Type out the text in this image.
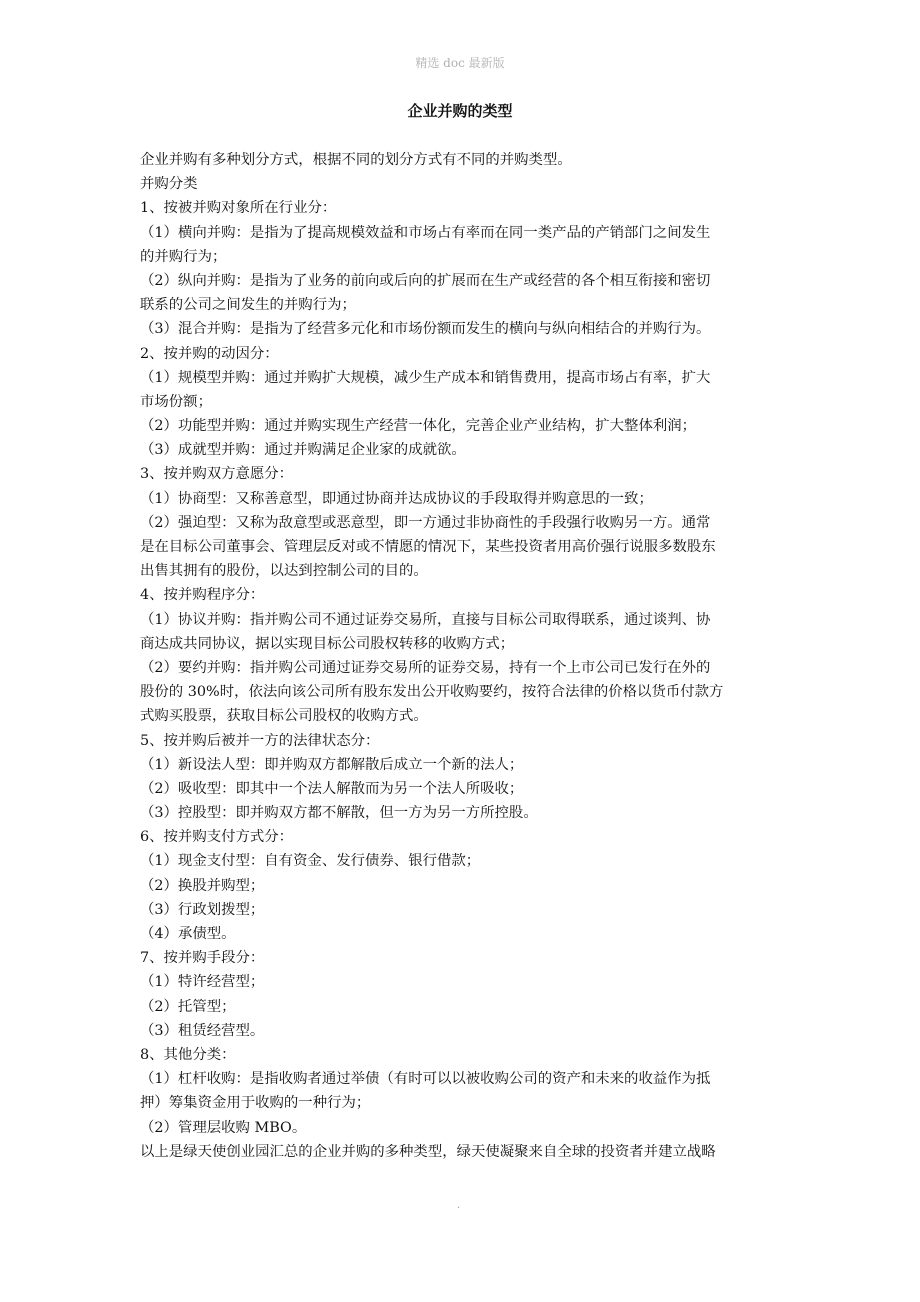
精选 doc 最新版
企业并购的类型
企业并购有多种划分方式，根据不同的划分方式有不同的并购类型。
并购分类
1、按被并购对象所在行业分：
（1）横向并购：是指为了提高规模效益和市场占有率而在同一类产品的产销部门之间发生
的并购行为；
（2）纵向并购：是指为了业务的前向或后向的扩展而在生产或经营的各个相互衔接和密切
联系的公司之间发生的并购行为；
（3）混合并购：是指为了经营多元化和市场份额而发生的横向与纵向相结合的并购行为。
2、按并购的动因分：
（1）规模型并购：通过并购扩大规模，减少生产成本和销售费用，提高市场占有率，扩大
市场份额；
（2）功能型并购：通过并购实现生产经营一体化，完善企业产业结构，扩大整体利润；
（3）成就型并购：通过并购满足企业家的成就欲。
3、按并购双方意愿分：
（1）协商型：又称善意型，即通过协商并达成协议的手段取得并购意思的一致；
（2）强迫型：又称为敌意型或恶意型，即一方通过非协商性的手段强行收购另一方。通常
是在目标公司董事会、管理层反对或不情愿的情况下，某些投资者用高价强行说服多数股东
出售其拥有的股份，以达到控制公司的目的。
4、按并购程序分：
（1）协议并购：指并购公司不通过证券交易所，直接与目标公司取得联系，通过谈判、协
商达成共同协议，据以实现目标公司股权转移的收购方式；
（2）要约并购：指并购公司通过证券交易所的证券交易，持有一个上市公司已发行在外的
股份的 30%时，依法向该公司所有股东发出公开收购要约，按符合法律的价格以货币付款方
式购买股票，获取目标公司股权的收购方式。
5、按并购后被并一方的法律状态分：
（1）新设法人型：即并购双方都解散后成立一个新的法人；
（2）吸收型：即其中一个法人解散而为另一个法人所吸收；
（3）控股型：即并购双方都不解散，但一方为另一方所控股。
6、按并购支付方式分：
（1）现金支付型：自有资金、发行债券、银行借款；
（2）换股并购型；
（3）行政划拨型；
（4）承债型。
7、按并购手段分：
（1）特许经营型；
（2）托管型；
（3）租赁经营型。
8、其他分类：
（1）杠杆收购：是指收购者通过举债（有时可以以被收购公司的资产和未来的收益作为抵
押）筹集资金用于收购的一种行为；
（2）管理层收购 MBO。
以上是绿天使创业园汇总的企业并购的多种类型，绿天使凝聚来自全球的投资者并建立战略
.
